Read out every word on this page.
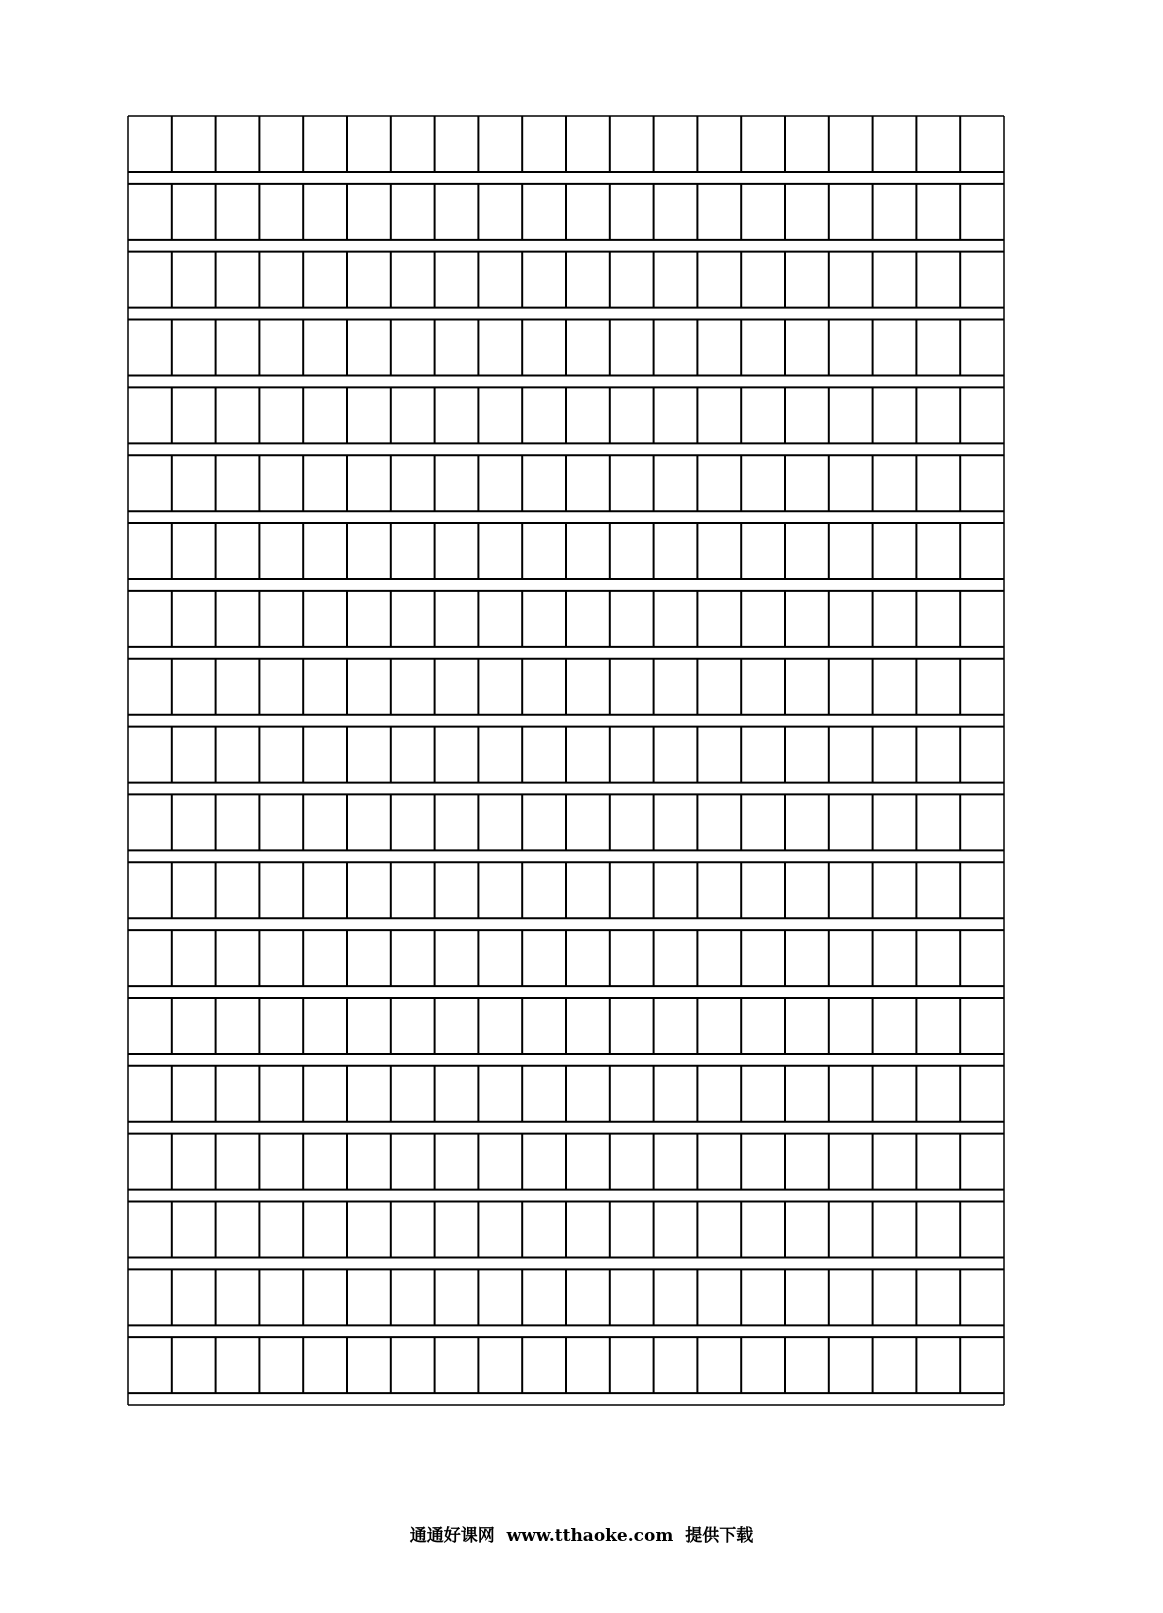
通通好课网 www.tthaoke.com 提供下载
